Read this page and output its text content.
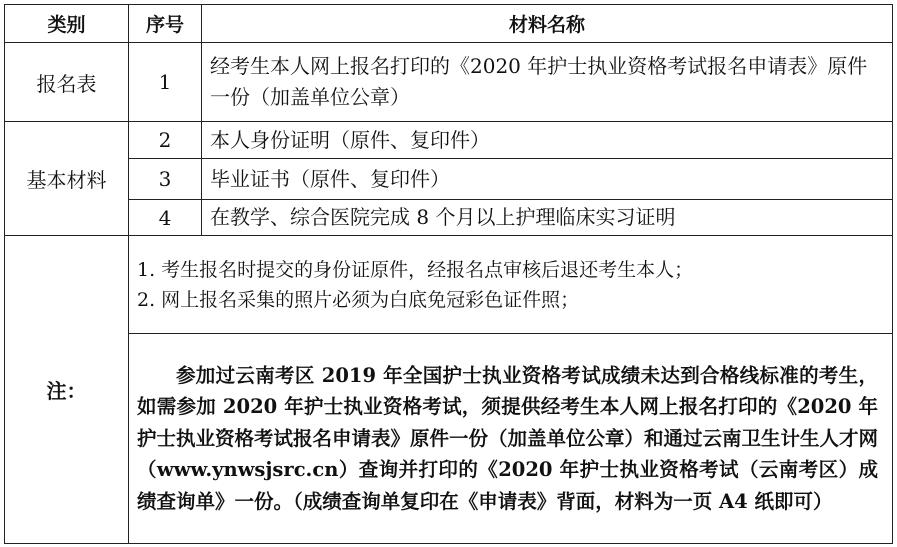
类别	序号	材料名称
报名表	1	经考生本人网上报名打印的《2020 年护士执业资格考试报名申请表》原件一份（加盖单位公章）
基本材料	2	本人身份证明（原件、复印件）
	3	毕业证书（原件、复印件）
	4	在教学、综合医院完成 8 个月以上护理临床实习证明
注：	1. 考生报名时提交的身份证原件，经报名点审核后退还考生本人；
2. 网上报名采集的照片必须为白底免冠彩色证件照；	

	参加过云南考区 2019 年全国护士执业资格考试成绩未达到合格线标准的考生，如需参加 2020 年护士执业资格考试，须提供经考生本人网上报名打印的《2020 年护士执业资格考试报名申请表》原件一份（加盖单位公章）和通过云南卫生计生人才网（www.ynwsjsrc.cn）查询并打印的《2020 年护士执业资格考试（云南考区）成绩查询单》一份。（成绩查询单复印在《申请表》背面，材料为一页 A4 纸即可）	
